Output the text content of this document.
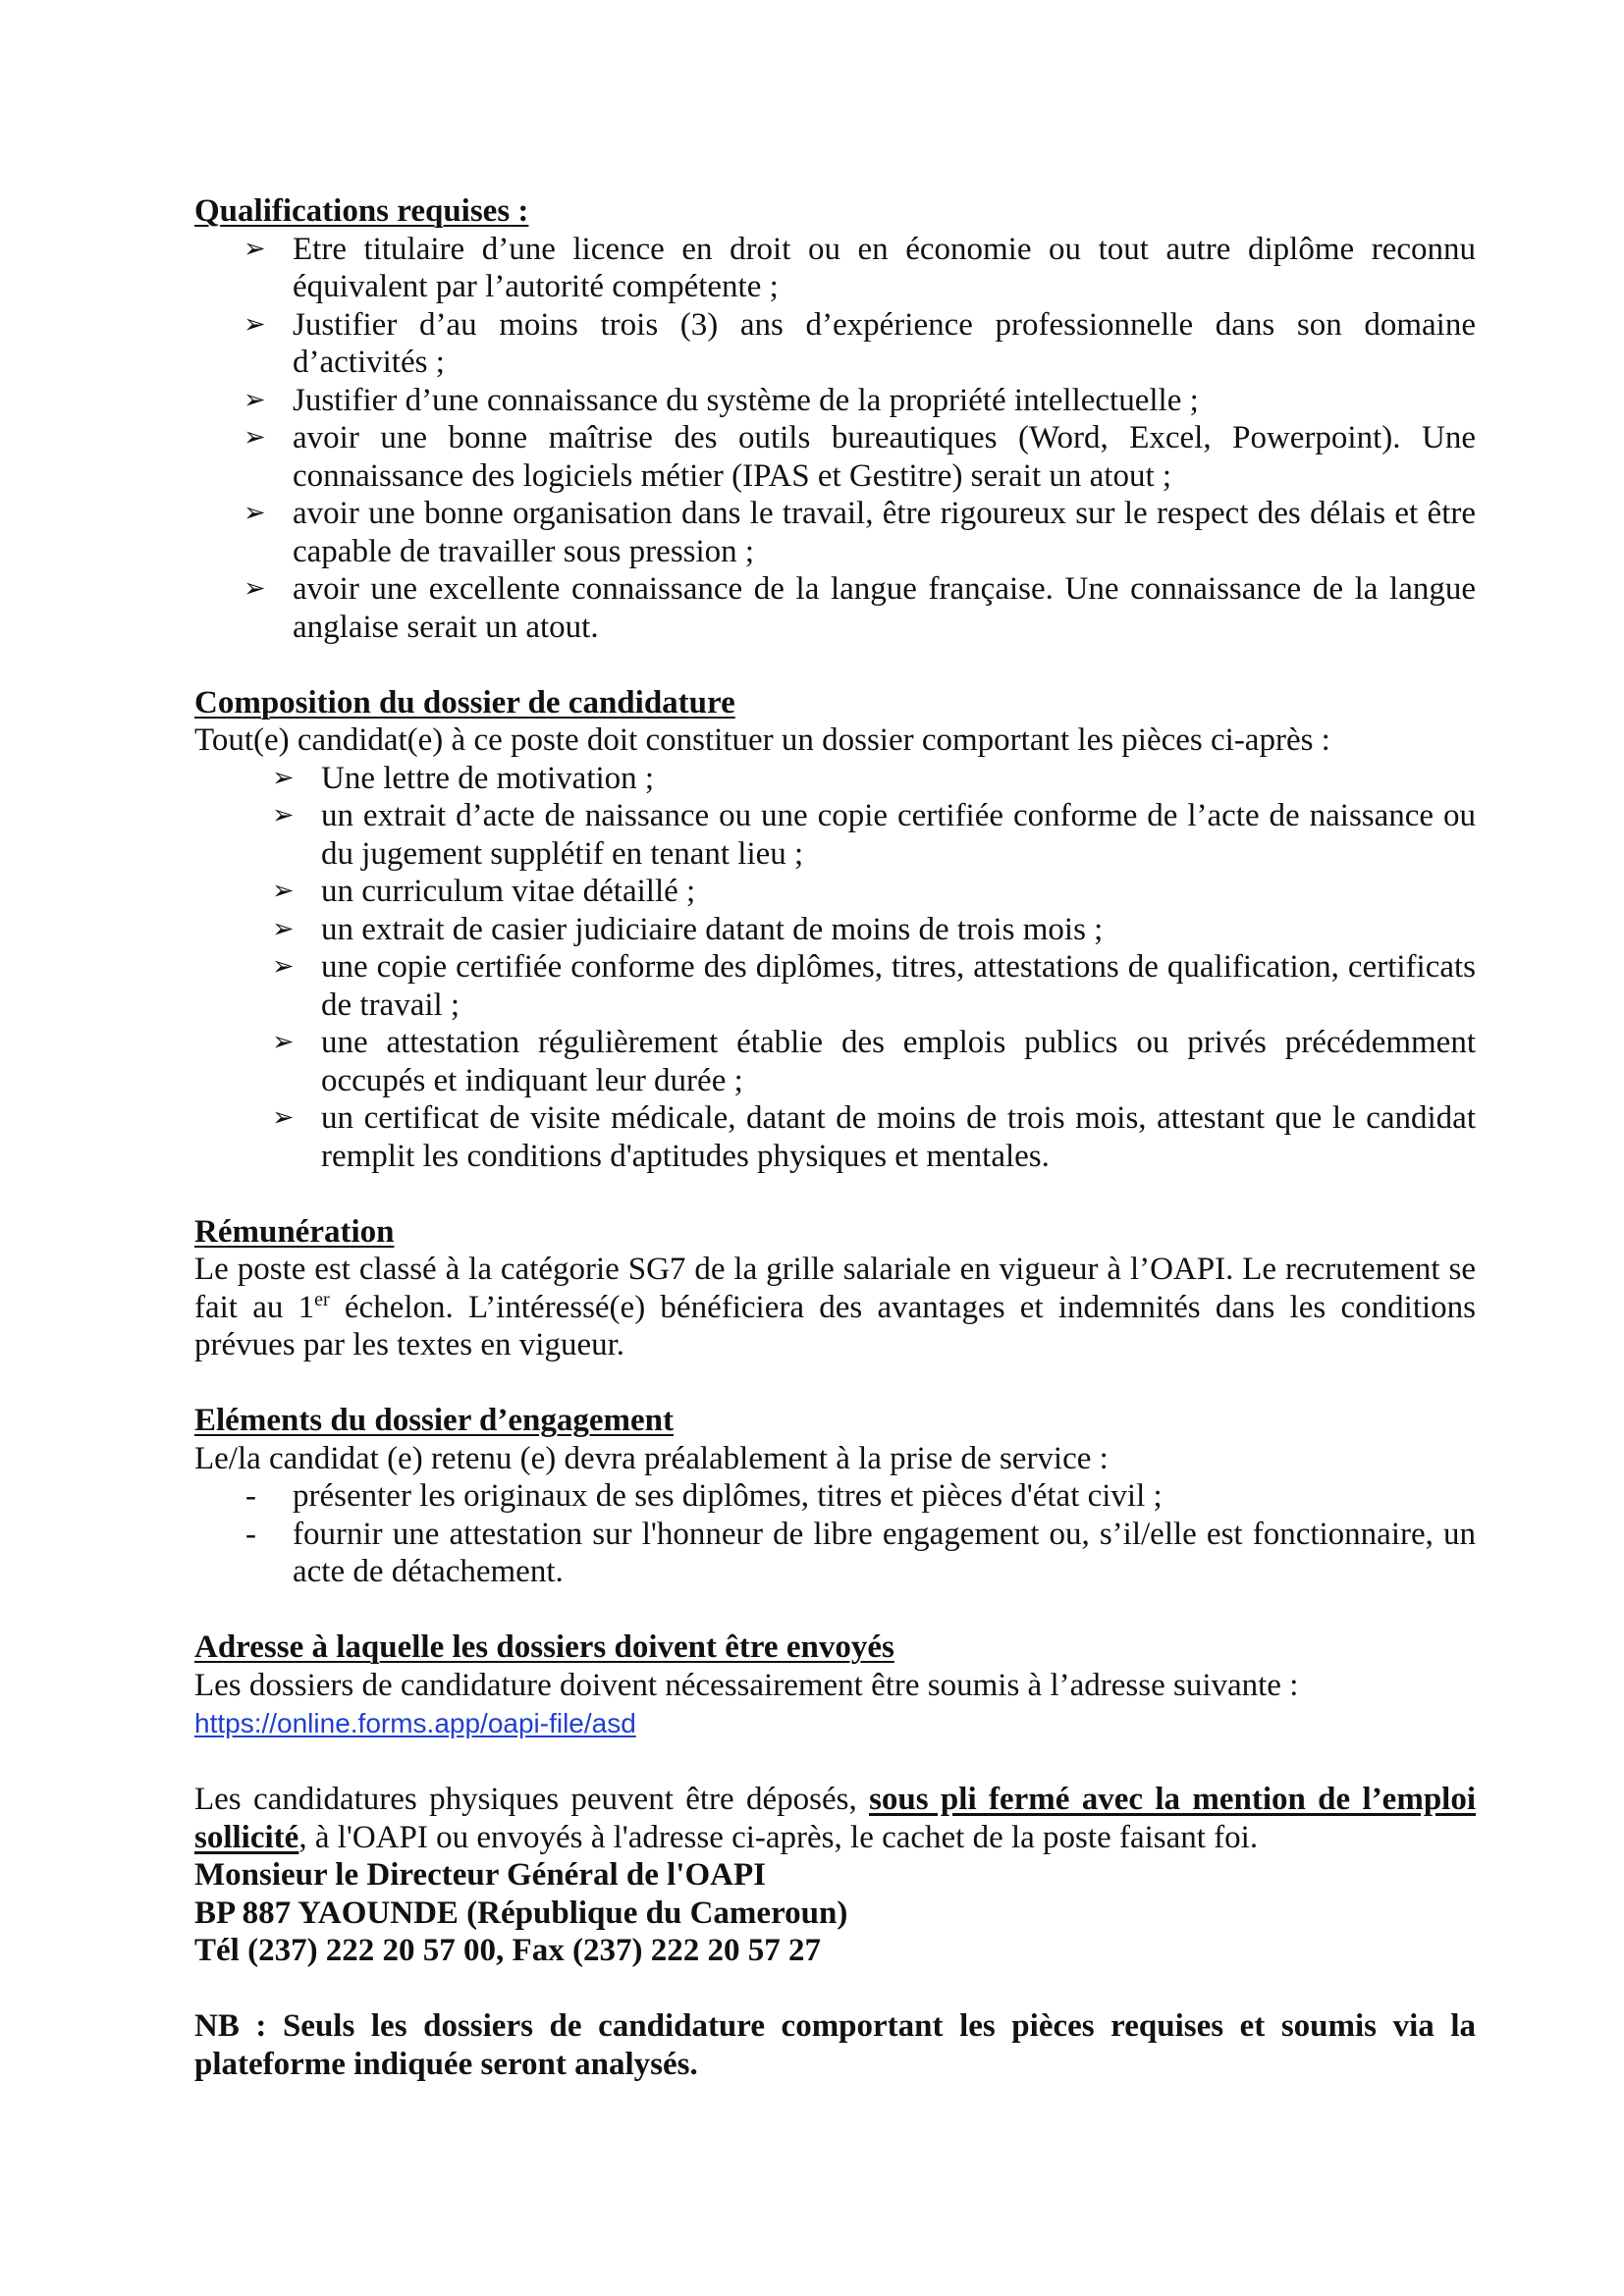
Qualifications requises :

➢ Etre titulaire d’une licence en droit ou en économie ou tout autre diplôme reconnu équivalent par l’autorité compétente ;
➢ Justifier d’au moins trois (3) ans d’expérience professionnelle dans son domaine d’activités ;
➢ Justifier d’une connaissance du système de la propriété intellectuelle ;
➢ avoir une bonne maîtrise des outils bureautiques (Word, Excel, Powerpoint). Une connaissance des logiciels métier (IPAS et Gestitre) serait un atout ;
➢ avoir une bonne organisation dans le travail, être rigoureux sur le respect des délais et être capable de travailler sous pression ;
➢ avoir une excellente connaissance de la langue française. Une connaissance de la langue anglaise serait un atout.

Composition du dossier de candidature

Tout(e) candidat(e) à ce poste doit constituer un dossier comportant les pièces ci-après :

➢ Une lettre de motivation ;
➢ un extrait d’acte de naissance ou une copie certifiée conforme de l’acte de naissance ou du jugement supplétif en tenant lieu ;
➢ un curriculum vitae détaillé ;
➢ un extrait de casier judiciaire datant de moins de trois mois ;
➢ une copie certifiée conforme des diplômes, titres, attestations de qualification, certificats de travail ;
➢ une attestation régulièrement établie des emplois publics ou privés précédemment occupés et indiquant leur durée ;
➢ un certificat de visite médicale, datant de moins de trois mois, attestant que le candidat remplit les conditions d'aptitudes physiques et mentales.

Rémunération

Le poste est classé à la catégorie SG7 de la grille salariale en vigueur à l’OAPI. Le recrutement se fait au 1er échelon. L’intéressé(e) bénéficiera des avantages et indemnités dans les conditions prévues par les textes en vigueur.

Eléments du dossier d’engagement

Le/la candidat (e) retenu (e) devra préalablement à la prise de service :

- présenter les originaux de ses diplômes, titres et pièces d'état civil ;
- fournir une attestation sur l'honneur de libre engagement ou, s’il/elle est fonctionnaire, un acte de détachement.

Adresse à laquelle les dossiers doivent être envoyés

Les dossiers de candidature doivent nécessairement être soumis à l’adresse suivante :

https://online.forms.app/oapi-file/asd

Les candidatures physiques peuvent être déposés, sous pli fermé avec la mention de l’emploi sollicité, à l'OAPI ou envoyés à l'adresse ci-après, le cachet de la poste faisant foi.

Monsieur le Directeur Général de l'OAPI

BP 887 YAOUNDE (République du Cameroun)

Tél (237) 222 20 57 00, Fax (237) 222 20 57 27

NB : Seuls les dossiers de candidature comportant les pièces requises et soumis via la plateforme indiquée seront analysés.
